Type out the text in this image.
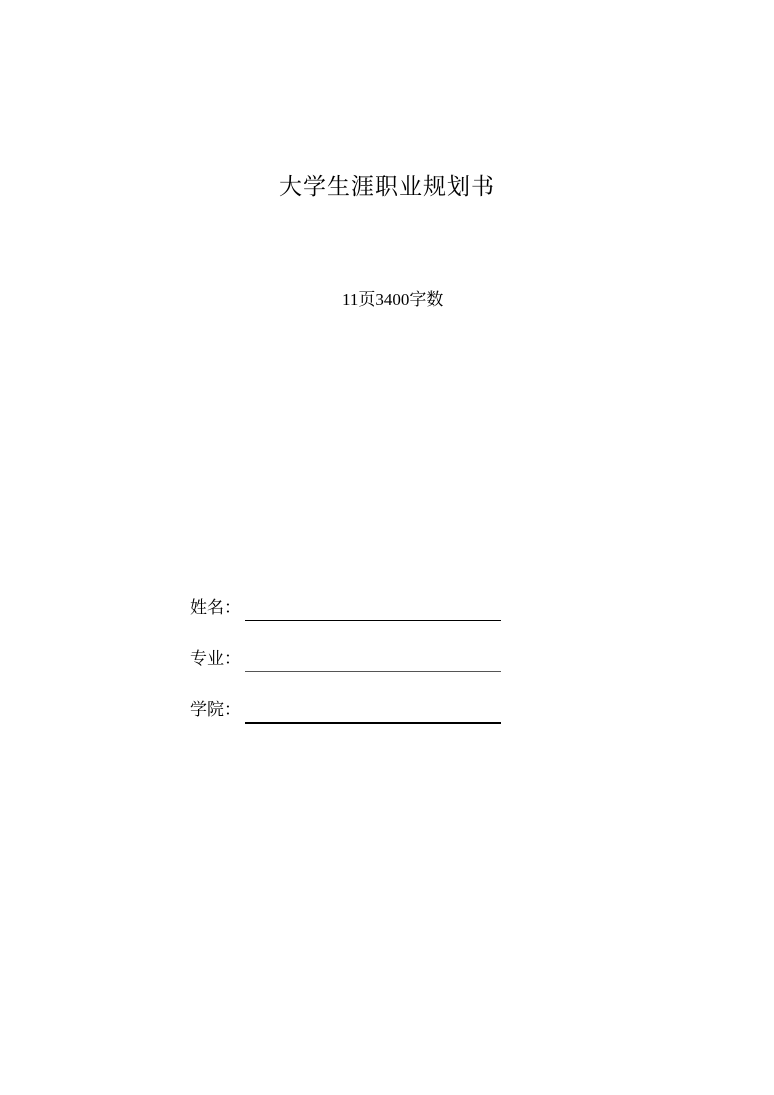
大学生涯职业规划书
11页3400字数
姓名：
专业：
学院：
